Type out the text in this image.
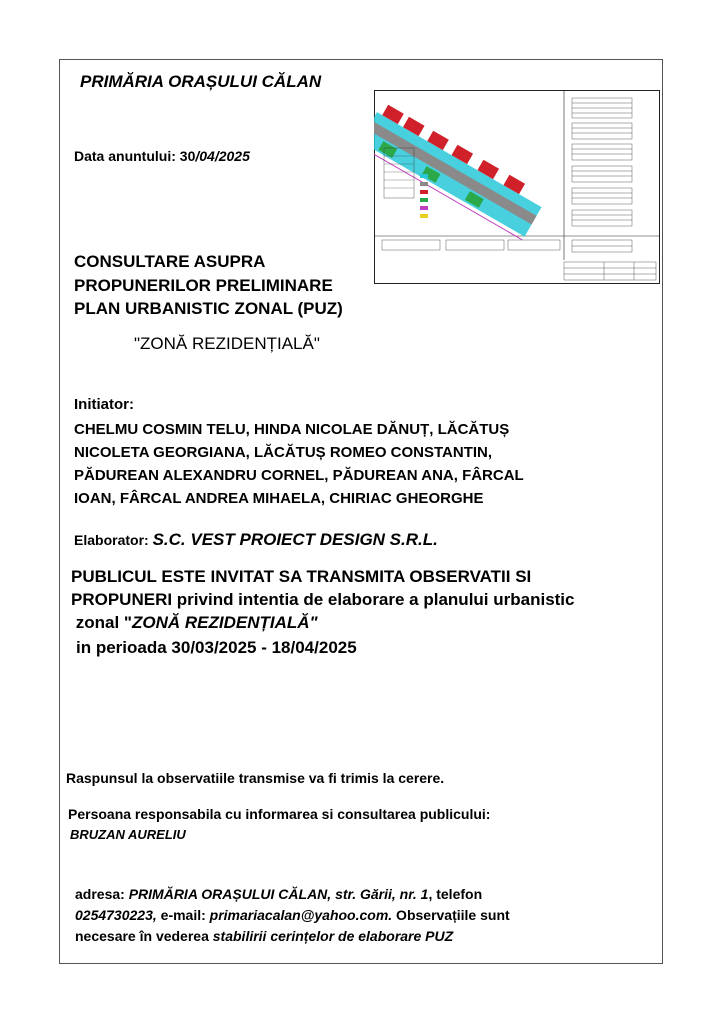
PRIMĂRIA ORAȘULUI CĂLAN
Data anuntului: 30/04/2025
CONSULTARE ASUPRA
PROPUNERILOR PRELIMINARE
PLAN URBANISTIC ZONAL (PUZ)
"ZONĂ REZIDENȚIALĂ"
Initiator:
CHELMU COSMIN TELU, HINDA NICOLAE DĂNUȚ, LĂCĂTUȘ
NICOLETA GEORGIANA, LĂCĂTUȘ ROMEO CONSTANTIN,
PĂDUREAN ALEXANDRU CORNEL, PĂDUREAN ANA, FÂRCAL
IOAN, FÂRCAL ANDREA MIHAELA, CHIRIAC GHEORGHE
Elaborator: S.C. VEST PROIECT DESIGN S.R.L.
PUBLICUL ESTE INVITAT SA TRANSMITA OBSERVATII SI
PROPUNERI privind intentia de elaborare a planului urbanistic
zonal "ZONĂ REZIDENȚIALĂ"
in perioada 30/03/2025 - 18/04/2025
Raspunsul la observatiile transmise va fi trimis la cerere.
Persoana responsabila cu informarea si consultarea publicului:
BRUZAN AURELIU
adresa: PRIMĂRIA ORAȘULUI CĂLAN, str. Gării, nr. 1, telefon
0254730223, e-mail: primariacalan@yahoo.com. Observațiile sunt
necesare în vederea stabilirii cerințelor de elaborare PUZ
